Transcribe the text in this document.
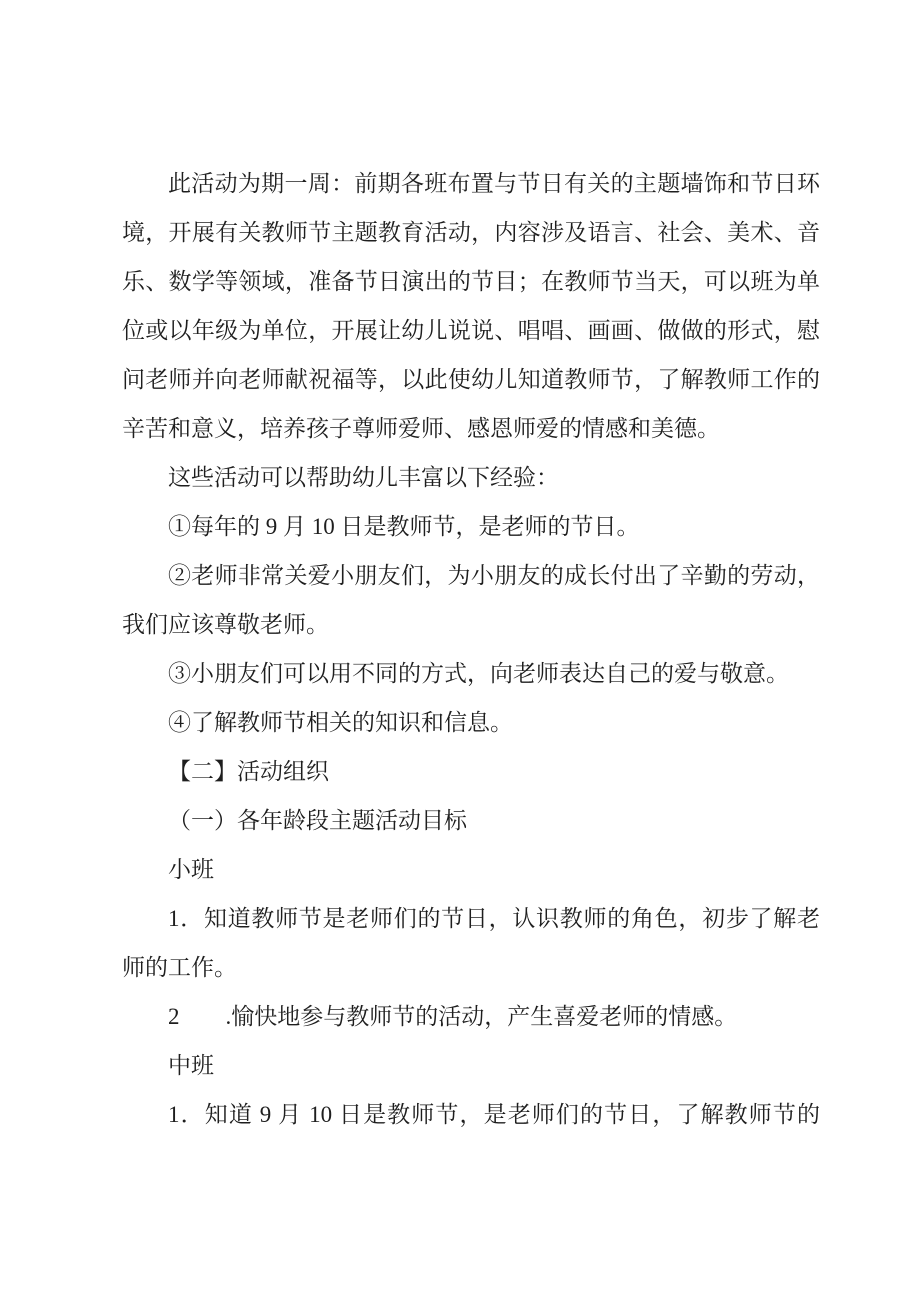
此活动为期一周：前期各班布置与节日有关的主题墙饰和节日环
境，开展有关教师节主题教育活动，内容涉及语言、社会、美术、音
乐、数学等领域，准备节日演出的节目；在教师节当天，可以班为单
位或以年级为单位，开展让幼儿说说、唱唱、画画、做做的形式，慰
问老师并向老师献祝福等，以此使幼儿知道教师节，了解教师工作的
辛苦和意义，培养孩子尊师爱师、感恩师爱的情感和美德。
这些活动可以帮助幼儿丰富以下经验：
①每年的 9 月 10 日是教师节，是老师的节日。
②老师非常关爱小朋友们，为小朋友的成长付出了辛勤的劳动，
我们应该尊敬老师。
③小朋友们可以用不同的方式，向老师表达自己的爱与敬意。
④了解教师节相关的知识和信息。
【二】活动组织
（一）各年龄段主题活动目标
小班
1．知道教师节是老师们的节日，认识教师的角色，初步了解老
师的工作。
2　　.愉快地参与教师节的活动，产生喜爱老师的情感。
中班
1．知道 9 月 10 日是教师节，是老师们的节日，了解教师节的
